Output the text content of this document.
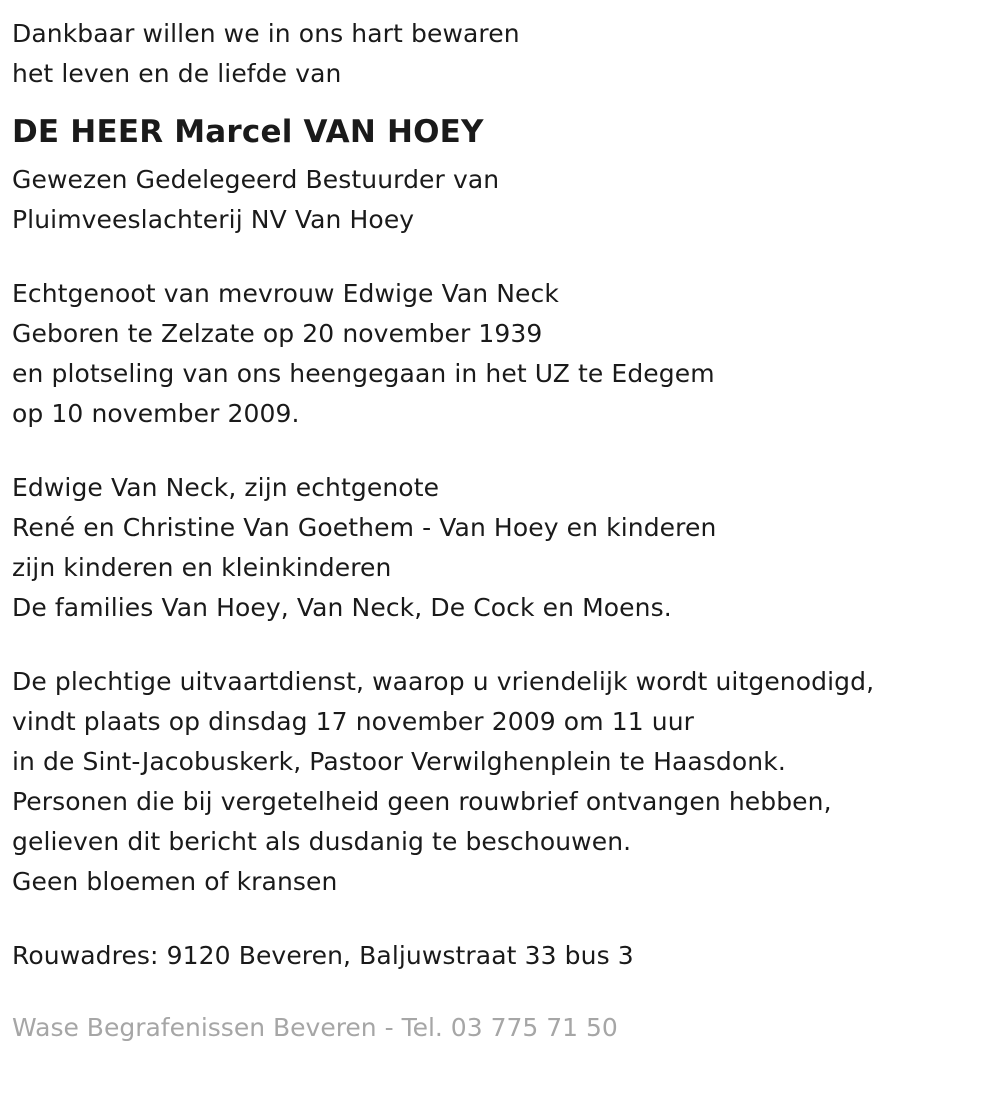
Dankbaar willen we in ons hart bewaren
het leven en de liefde van
DE HEER Marcel VAN HOEY
Gewezen Gedelegeerd Bestuurder van
Pluimveeslachterij NV Van Hoey
Echtgenoot van mevrouw Edwige Van Neck
Geboren te Zelzate op 20 november 1939
en plotseling van ons heengegaan in het UZ te Edegem
op 10 november 2009.
Edwige Van Neck, zijn echtgenote
René en Christine Van Goethem - Van Hoey en kinderen
zijn kinderen en kleinkinderen
De families Van Hoey, Van Neck, De Cock en Moens.
De plechtige uitvaartdienst, waarop u vriendelijk wordt uitgenodigd,
vindt plaats op dinsdag 17 november 2009 om 11 uur
in de Sint-Jacobuskerk, Pastoor Verwilghenplein te Haasdonk.
Personen die bij vergetelheid geen rouwbrief ontvangen hebben,
gelieven dit bericht als dusdanig te beschouwen.
Geen bloemen of kransen
Rouwadres: 9120 Beveren, Baljuwstraat 33 bus 3
Wase Begrafenissen Beveren - Tel. 03 775 71 50
